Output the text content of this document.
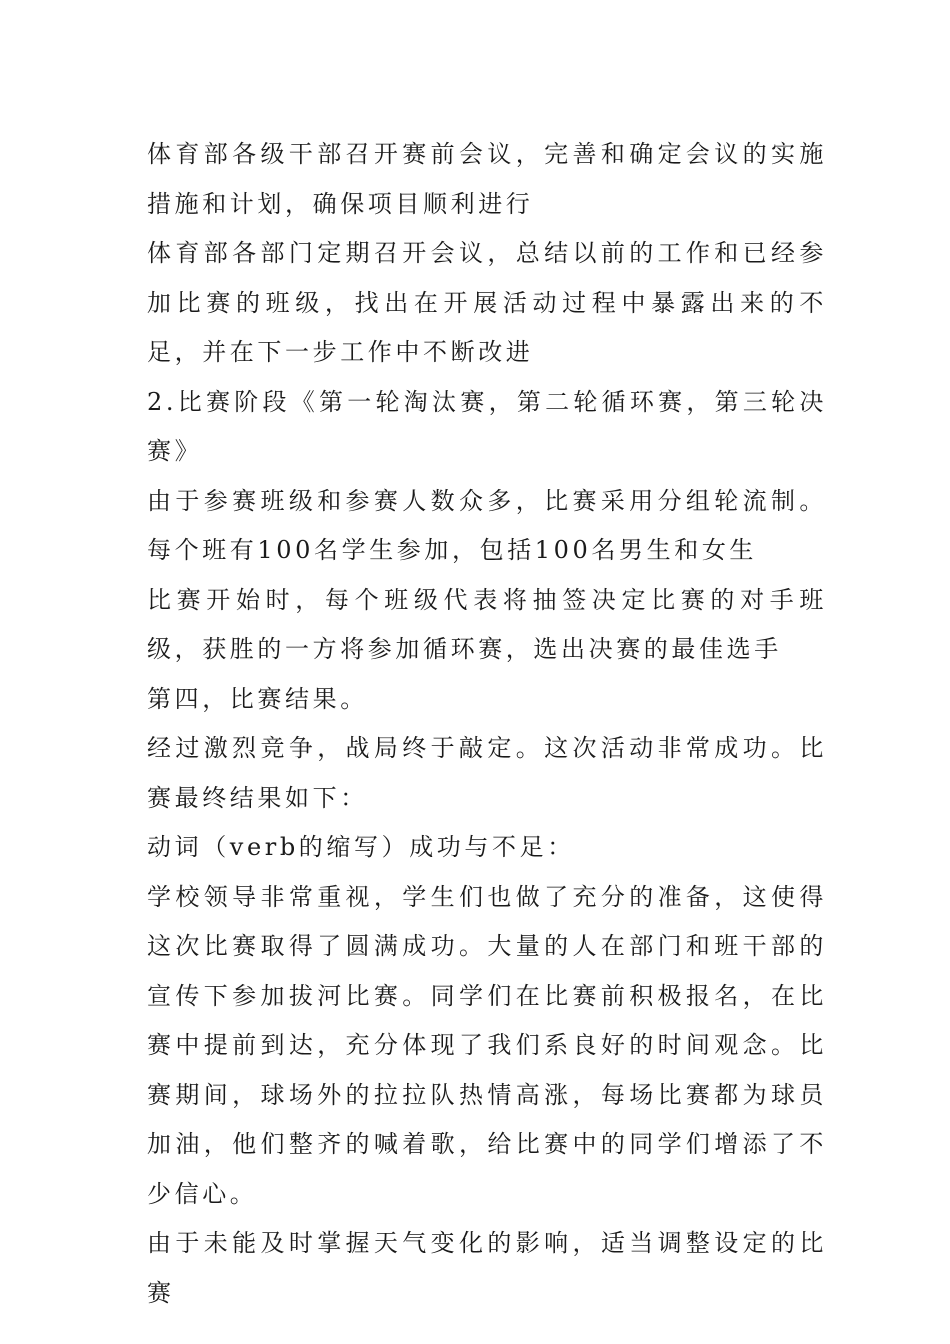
体育部各级干部召开赛前会议，完善和确定会议的实施措施和计划，确保项目顺利进行

体育部各部门定期召开会议，总结以前的工作和已经参加比赛的班级，找出在开展活动过程中暴露出来的不足，并在下一步工作中不断改进

2.比赛阶段《第一轮淘汰赛，第二轮循环赛，第三轮决赛》

由于参赛班级和参赛人数众多，比赛采用分组轮流制。每个班有100名学生参加，包括100名男生和女生

比赛开始时，每个班级代表将抽签决定比赛的对手班级，获胜的一方将参加循环赛，选出决赛的最佳选手

第四，比赛结果。

经过激烈竞争，战局终于敲定。这次活动非常成功。比赛最终结果如下：

动词（verb的缩写）成功与不足：

学校领导非常重视，学生们也做了充分的准备，这使得这次比赛取得了圆满成功。大量的人在部门和班干部的宣传下参加拔河比赛。同学们在比赛前积极报名，在比赛中提前到达，充分体现了我们系良好的时间观念。比赛期间，球场外的拉拉队热情高涨，每场比赛都为球员加油，他们整齐的喊着歌，给比赛中的同学们增添了不少信心。

由于未能及时掌握天气变化的影响，适当调整设定的比赛
